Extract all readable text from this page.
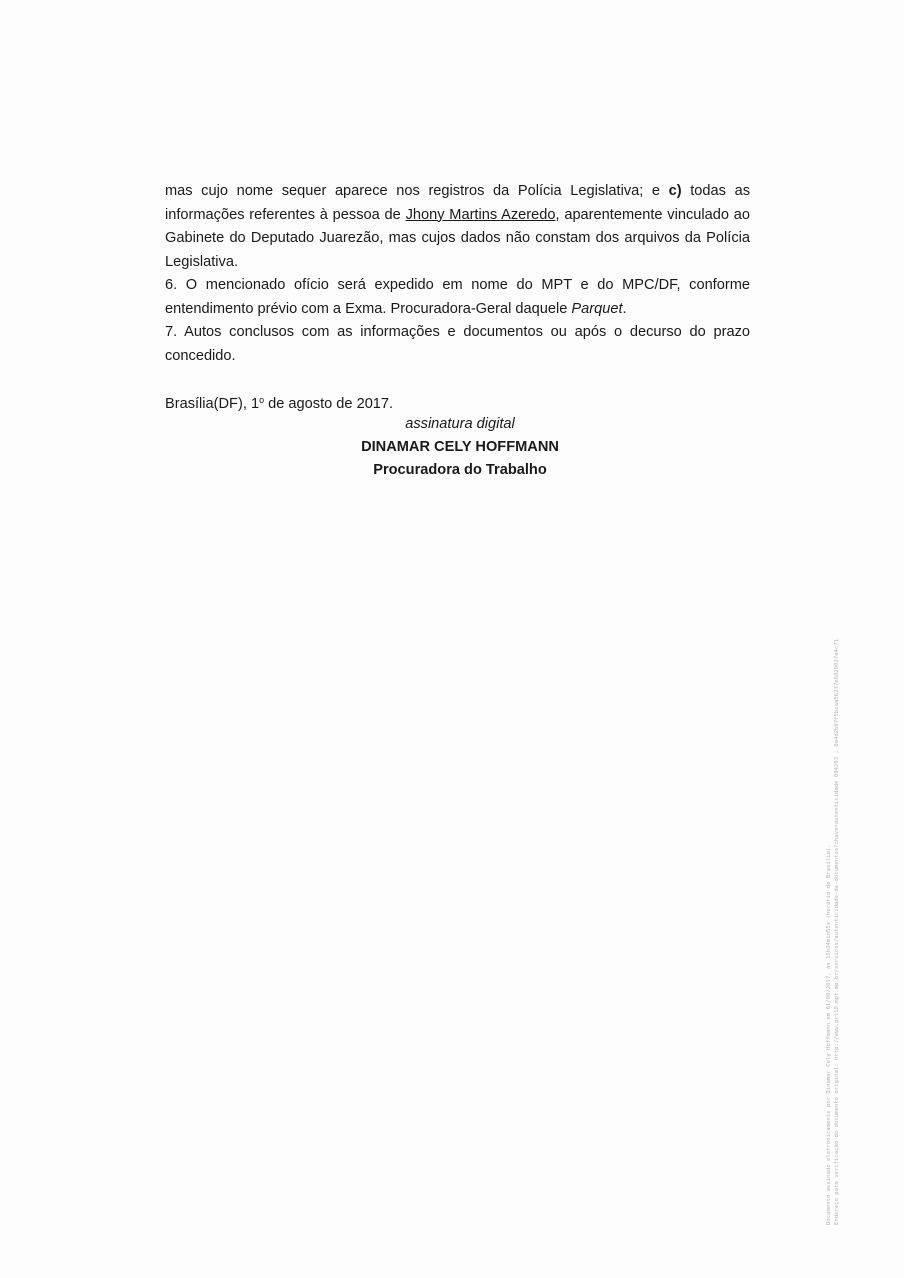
mas cujo nome sequer aparece nos registros da Polícia Legislativa; e c) todas as informações referentes à pessoa de Jhony Martins Azeredo, aparentemente vinculado ao Gabinete do Deputado Juarezão, mas cujos dados não constam dos arquivos da Polícia Legislativa.

6. O mencionado ofício será expedido em nome do MPT e do MPC/DF, conforme entendimento prévio com a Exma. Procuradora-Geral daquele Parquet.

7. Autos conclusos com as informações e documentos ou após o decurso do prazo concedido.

Brasília(DF), 1$^o$ de agosto de 2017.
assinatura digital
DINAMAR CELY HOFFMANN
Procuradora do Trabalho
Documento assinado eletronicamente por Dinamar Cely Hoffmann em 01/08/2017, às 15h34min55s (horário de Brasília). Endereço para verificação do documento original: http://www.prt10.mpt.mp.br/servicos/autenticidade-de-documentos?chave=autenticidade 004283 ; 0a4d2b07f5bcaa56237e6820027a4c71
